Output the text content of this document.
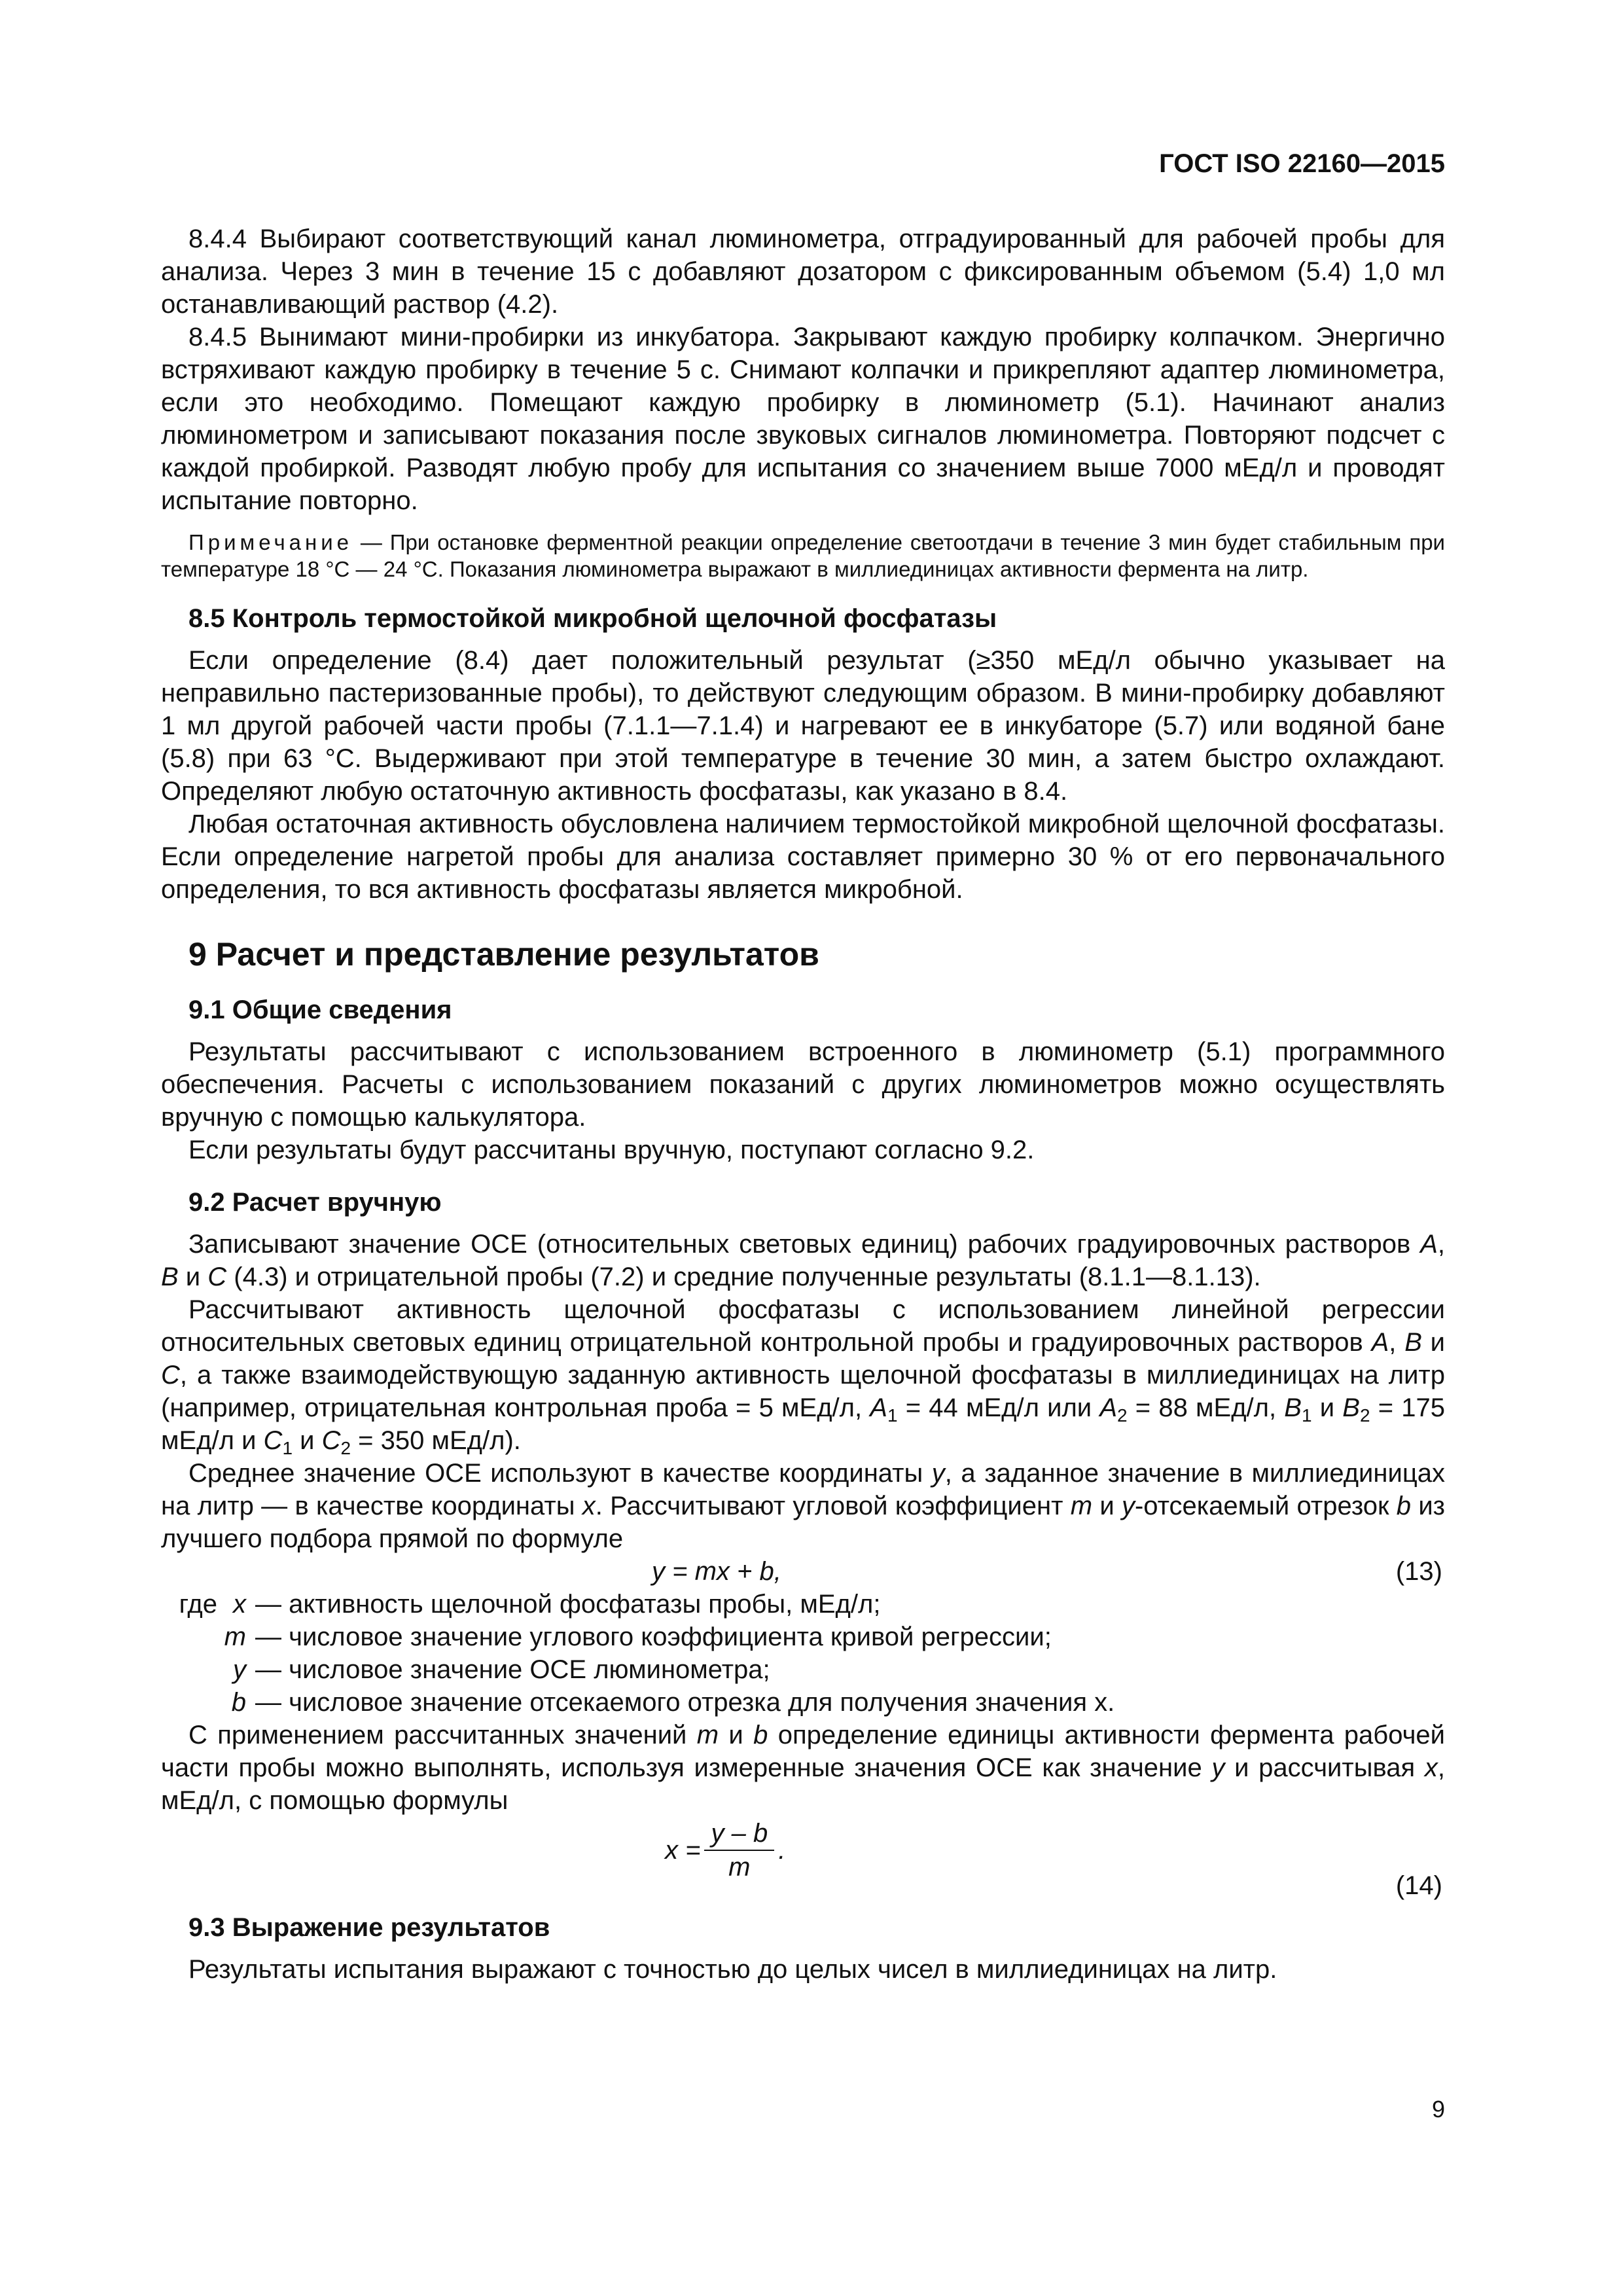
ГОСТ ISO 22160—2015

8.4.4 Выбирают соответствующий канал люминометра, отградуированный для рабочей пробы для анализа. Через 3 мин в течение 15 с добавляют дозатором с фиксированным объемом (5.4) 1,0 мл останавливающий раствор (4.2).

8.4.5 Вынимают мини-пробирки из инкубатора. Закрывают каждую пробирку колпачком. Энергично встряхивают каждую пробирку в течение 5 с. Снимают колпачки и прикрепляют адаптер люминометра, если это необходимо. Помещают каждую пробирку в люминометр (5.1). Начинают анализ люминометром и записывают показания после звуковых сигналов люминометра. Повторяют подсчет с каждой пробиркой. Разводят любую пробу для испытания со значением выше 7000 мЕд/л и проводят испытание повторно.

Примечание — При остановке ферментной реакции определение светоотдачи в течение 3 мин будет стабильным при температуре 18 °С — 24 °С. Показания люминометра выражают в миллиединицах активности фермента на литр.

8.5 Контроль термостойкой микробной щелочной фосфатазы

Если определение (8.4) дает положительный результат (≥350 мЕд/л обычно указывает на неправильно пастеризованные пробы), то действуют следующим образом. В мини-пробирку добавляют 1 мл другой рабочей части пробы (7.1.1—7.1.4) и нагревают ее в инкубаторе (5.7) или водяной бане (5.8) при 63 °С. Выдерживают при этой температуре в течение 30 мин, а затем быстро охлаждают. Определяют любую остаточную активность фосфатазы, как указано в 8.4.

Любая остаточная активность обусловлена наличием термостойкой микробной щелочной фосфатазы. Если определение нагретой пробы для анализа составляет примерно 30 % от его первоначального определения, то вся активность фосфатазы является микробной.

9 Расчет и представление результатов
9.1 Общие сведения

Результаты рассчитывают с использованием встроенного в люминометр (5.1) программного обеспечения. Расчеты с использованием показаний с других люминометров можно осуществлять вручную с помощью калькулятора.

Если результаты будут рассчитаны вручную, поступают согласно 9.2.

9.2 Расчет вручную

Записывают значение ОСЕ (относительных световых единиц) рабочих градуировочных растворов А, В и С (4.3) и отрицательной пробы (7.2) и средние полученные результаты (8.1.1—8.1.13).

Рассчитывают активность щелочной фосфатазы с использованием линейной регрессии относительных световых единиц отрицательной контрольной пробы и градуировочных растворов А, В и С, а также взаимодействующую заданную активность щелочной фосфатазы в миллиединицах на литр (например, отрицательная контрольная проба = 5 мЕд/л, $А_1 = 44$ мЕд/л или $А_2 = 88$ мЕд/л, $В_1$ и $В_2 = 175$ мЕд/л и $С_1$ и $С_2 = 350$ мЕд/л).

Среднее значение ОСЕ используют в качестве координаты у, а заданное значение в миллиединицах на литр — в качестве координаты х. Рассчитывают угловой коэффициент m и у-отсекаемый отрезок b из лучшего подбора прямой по формуле

у = mx + b,	(13)
где х — активность щелочной фосфатазы пробы, мЕд/л;
m — числовое значение углового коэффициента кривой регрессии;
у — числовое значение ОСЕ люминометра;
b — числовое значение отсекаемого отрезка для получения значения х.

С применением рассчитанных значений m и b определение единицы активности фермента рабочей части пробы можно выполнять, используя измеренные значения ОСЕ как значение у и рассчитывая х, мЕд/л, с помощью формулы

х =
у – b
m
.
(14)
9.3 Выражение результатов

Результаты испытания выражают с точностью до целых чисел в миллиединицах на литр.

9
